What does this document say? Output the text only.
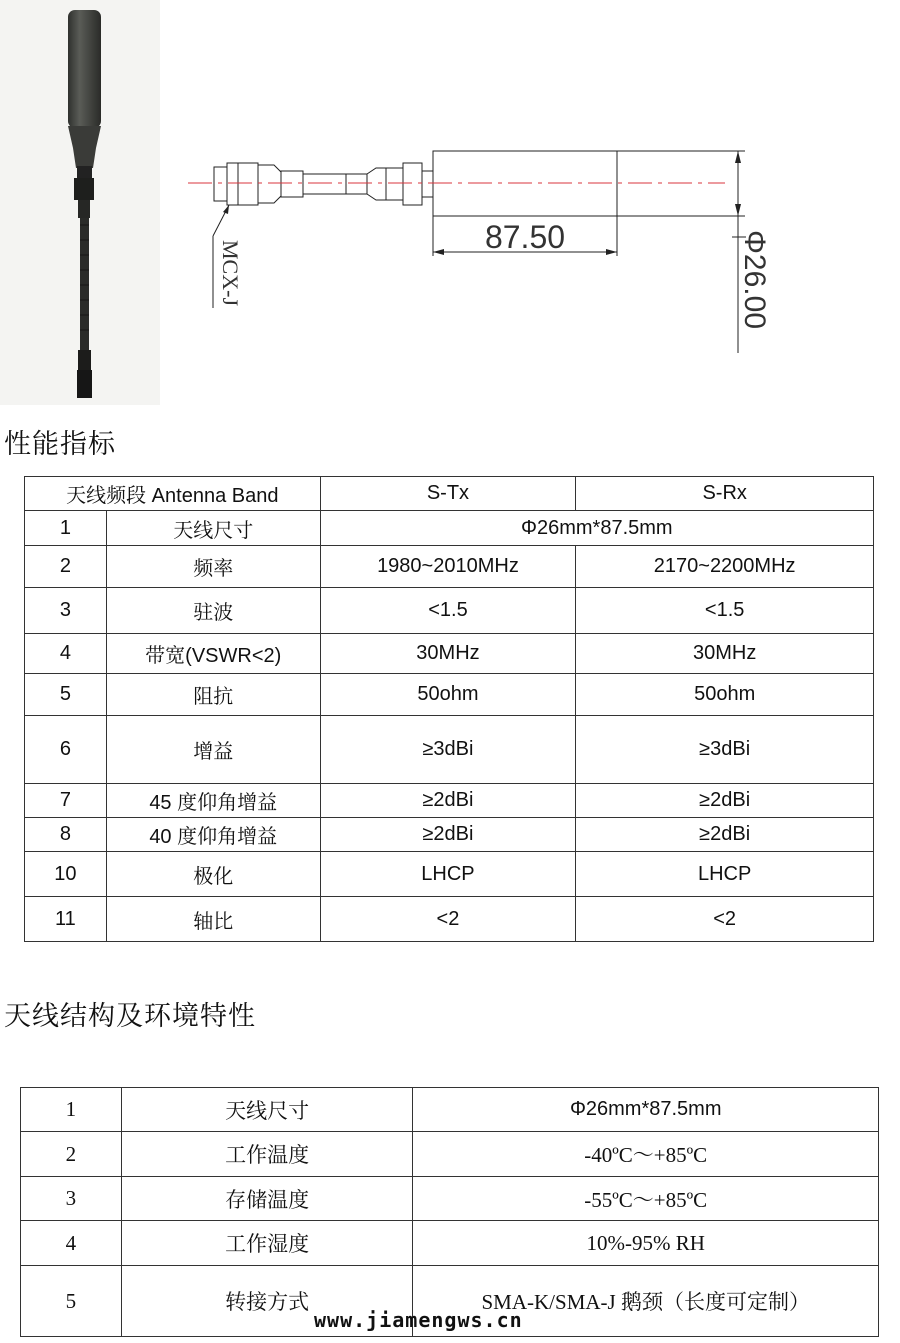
87.50
MCX-J	Φ26.00
性能指标
天线频段 Antenna Band		S-Tx	S-Rx
1	天线尺寸	Φ26mm*87.5mm	
2	频率	1980~2010MHz	2170~2200MHz
3	驻波	<1.5	<1.5
4	带宽(VSWR<2)	30MHz	30MHz
5	阻抗	50ohm	50ohm
6	增益	≥3dBi	≥3dBi
7	45 度仰角增益	≥2dBi	≥2dBi
8	40 度仰角增益	≥2dBi	≥2dBi
10	极化	LHCP	LHCP
11	轴比	<2	<2
天线结构及环境特性
1	天线尺寸	Φ26mm*87.5mm
2	工作温度	-40ºC～+85ºC
3	存储温度	-55ºC～+85ºC
4	工作湿度	10%-95% RH
5	转接方式	SMA-K/SMA-J 鹅颈（长度可定制）
www.jiamengws.cn
